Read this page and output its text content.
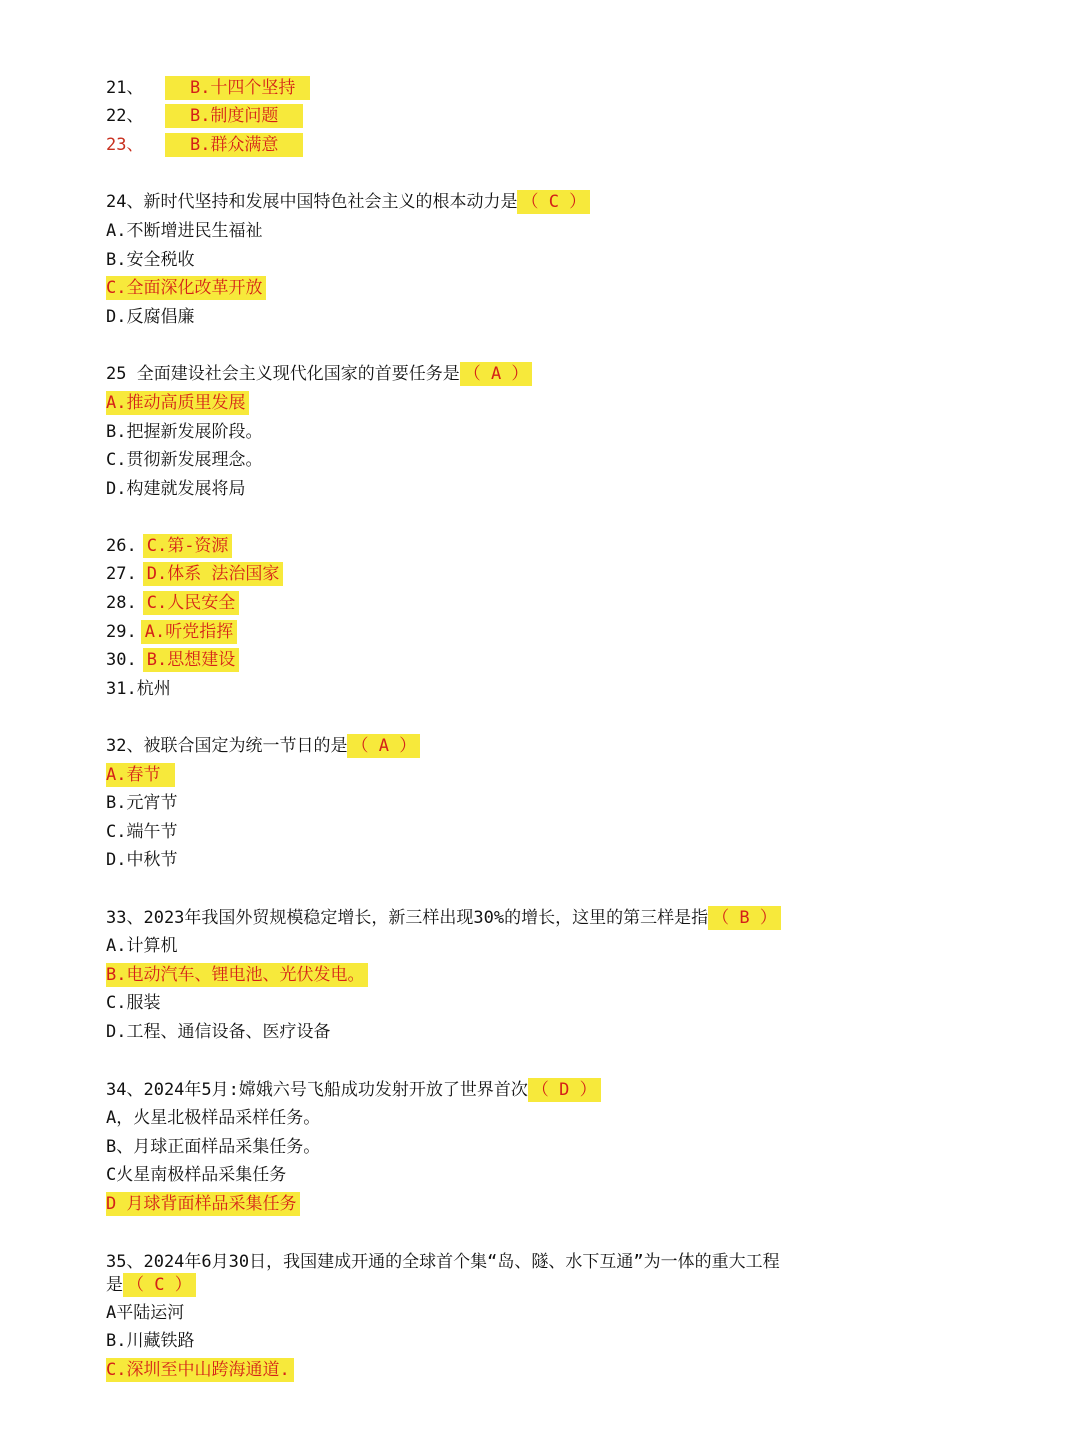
21、  B.十四个坚持
22、  B.制度问题
23、  B.群众满意
24、新时代坚持和发展中国特色社会主义的根本动力是 （ C ）
A.不断增进民生福祉
B.安全税收
C.全面深化改革开放
D.反腐倡廉
25 全面建设社会主义现代化国家的首要任务是 （ A ）
A.推动高质里发展
B.把握新发展阶段。
C.贯彻新发展理念。
D.构建就发展将局
26. C.第-资源
27. D.体系 法治国家
28. C.人民安全
29. A.听党指挥
30. B.思想建设
31.杭州
32、被联合国定为统一节日的是 （ A ）
A.春节
B.元宵节
C.端午节
D.中秋节
33、2023年我国外贸规模稳定增长，新三样出现30%的增长，这里的第三样是指 （ B ）
A.计算机
B.电动汽车、锂电池、光伏发电。
C.服装
D.工程、通信设备、医疗设备
34、2024年5月:嫦娥六号飞船成功发射开放了世界首次 （ D ）
A，火星北极样品采样任务。
B、月球正面样品采集任务。
C火星南极样品采集任务
D 月球背面样品采集任务
35、2024年6月30日，我国建成开通的全球首个集“岛、隧、水下互通”为一体的重大工程
是 （ C ）
A平陆运河
B.川藏铁路
C.深圳至中山跨海通道.
